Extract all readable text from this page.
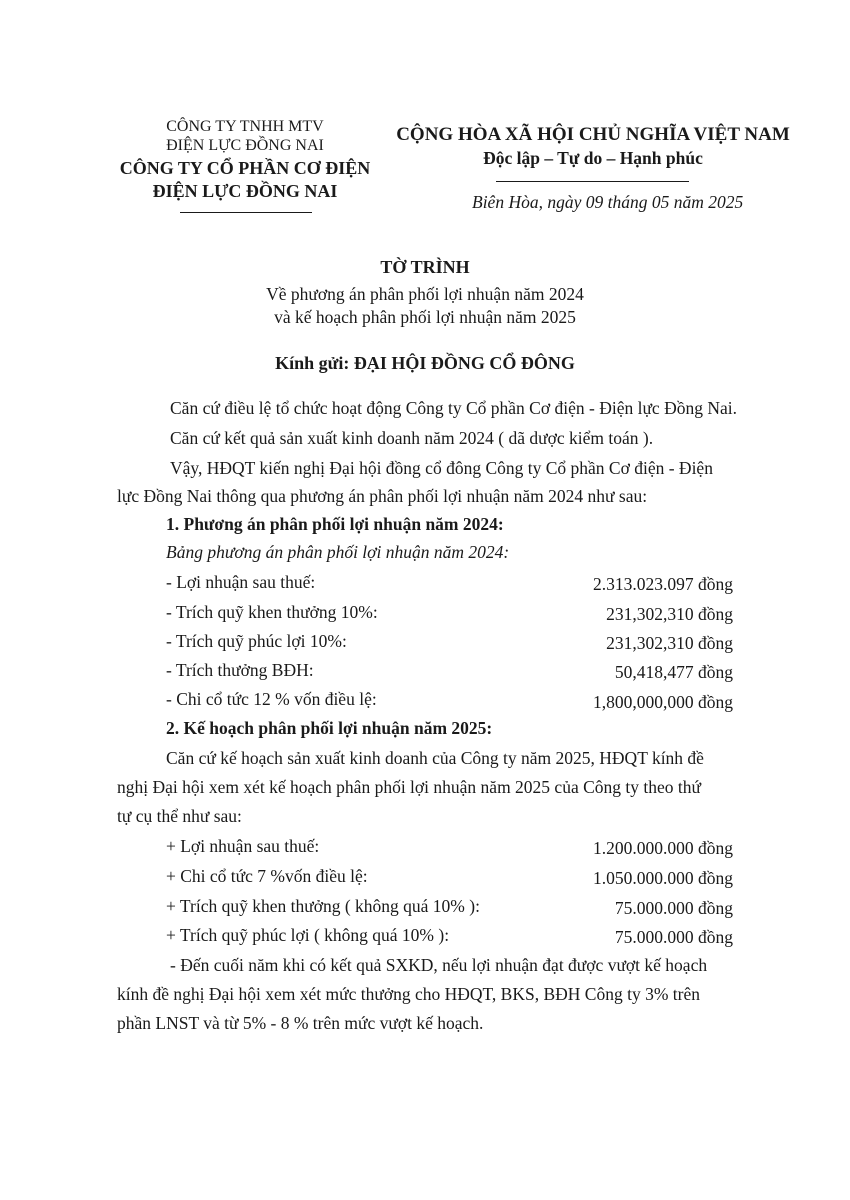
CÔNG TY TNHH MTV
ĐIỆN LỰC ĐỒNG NAI
CÔNG TY CỔ PHẦN CƠ ĐIỆN
ĐIỆN LỰC ĐỒNG NAI
CỘNG HÒA XÃ HỘI CHỦ NGHĨA VIỆT NAM
Độc lập – Tự do – Hạnh phúc
Biên Hòa, ngày 09 tháng 05 năm 2025
TỜ TRÌNH
Về phương án phân phối lợi nhuận năm 2024
và kế hoạch phân phối lợi nhuận năm 2025
Kính gửi: ĐẠI HỘI ĐỒNG CỔ ĐÔNG
Căn cứ điều lệ tổ chức hoạt động Công ty Cổ phần Cơ điện - Điện lực Đồng Nai.
Căn cứ kết quả sản xuất kinh doanh năm 2024 ( dã dược kiểm toán ).
Vậy, HĐQT kiến nghị Đại hội đồng cổ đông Công ty Cổ phần Cơ điện - Điện
lực Đồng Nai thông qua phương án phân phối lợi nhuận năm 2024 như sau:
1. Phương án phân phối lợi nhuận năm 2024:
Bảng phương án phân phối lợi nhuận năm 2024:
- Lợi nhuận sau thuế:	2.313.023.097 đồng
- Trích quỹ khen thưởng 10%:	231,302,310 đồng
- Trích quỹ phúc lợi 10%:	231,302,310 đồng
- Trích thưởng BĐH:	50,418,477 đồng
- Chi cổ tức 12 % vốn điều lệ:	1,800,000,000 đồng
2. Kế hoạch phân phối lợi nhuận năm 2025:
Căn cứ kế hoạch sản xuất kinh doanh của Công ty năm 2025, HĐQT kính đề
nghị Đại hội xem xét kế hoạch phân phối lợi nhuận năm 2025 của Công ty theo thứ
tự cụ thể như sau:
+ Lợi nhuận sau thuế:	1.200.000.000 đồng
+ Chi cổ tức 7 %vốn điều lệ:	1.050.000.000 đồng
+ Trích quỹ khen thưởng ( không quá 10% ):	75.000.000 đồng
+ Trích quỹ phúc lợi ( không quá 10% ):	75.000.000 đồng
- Đến cuối năm khi có kết quả SXKD, nếu lợi nhuận đạt được vượt kế hoạch
kính đề nghị Đại hội xem xét mức thưởng cho HĐQT, BKS, BĐH Công ty 3% trên
phần LNST và từ 5% - 8 % trên mức vượt kế hoạch.
